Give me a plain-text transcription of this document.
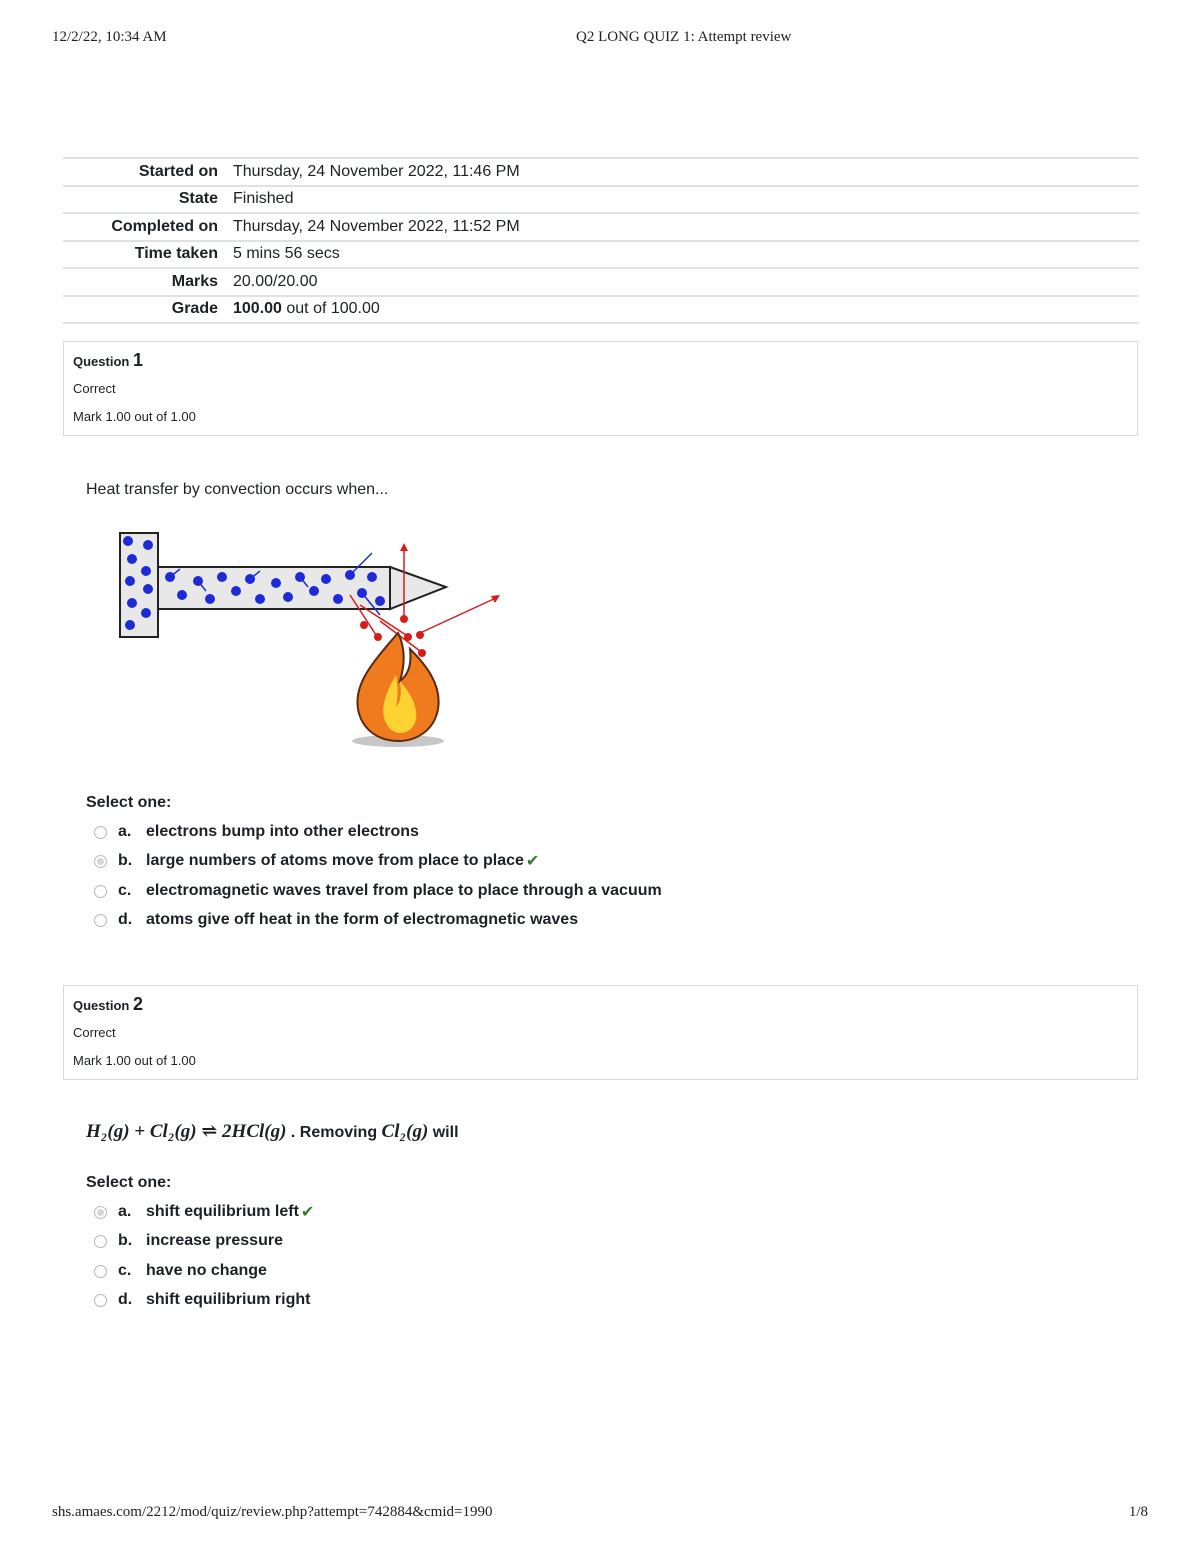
12/2/22, 10:34 AM	Q2 LONG QUIZ 1: Attempt review
Started on	Thursday, 24 November 2022, 11:46 PM
State	Finished
Completed on	Thursday, 24 November 2022, 11:52 PM
Time taken	5 mins 56 secs
Marks	20.00/20.00
Grade	100.00 out of 100.00
Question 1
Correct
Mark 1.00 out of 1.00
Heat transfer by convection occurs when...
Select one:
a. electrons bump into other electrons
b. large numbers of atoms move from place to place ✔
c. electromagnetic waves travel from place to place through a vacuum
d. atoms give off heat in the form of electromagnetic waves
Question 2
Correct
Mark 1.00 out of 1.00
H₂(g) + Cl₂(g) ⇌ 2HCl(g) . Removing Cl₂(g) will
Select one:
a. shift equilibrium left ✔
b. increase pressure
c. have no change
d. shift equilibrium right
shs.amaes.com/2212/mod/quiz/review.php?attempt=742884&cmid=1990	1/8
